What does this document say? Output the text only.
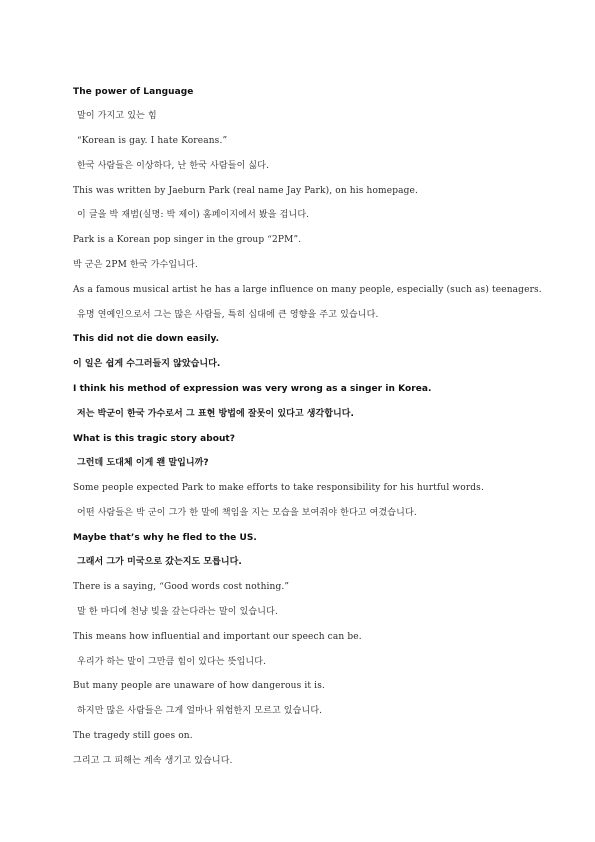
The power of Language

말이 가지고 있는 힘

“Korean is gay. I hate Koreans.”

한국 사람들은 이상하다, 난 한국 사람들이 싫다.

This was written by Jaeburn Park (real name Jay Park), on his homepage.

이 글을 박 재범(실명: 박 제이) 홈페이지에서 봤을 겁니다.

Park is a Korean pop singer in the group “2PM”.

박 군은 2PM 한국 가수입니다.

As a famous musical artist he has a large influence on many people, especially (such as) teenagers.

유명 연예인으로서 그는 많은 사람들, 특히 십대에 큰 영향을 주고 있습니다.

This did not die down easily.

이 일은 쉽게 수그러들지 않았습니다.

I think his method of expression was very wrong as a singer in Korea.

저는 박군이 한국 가수로서 그 표현 방법에 잘못이 있다고 생각합니다.

What is this tragic story about?

그런데 도대체 이게 왠 말입니까?

Some people expected Park to make efforts to take responsibility for his hurtful words.

어떤 사람들은 박 군이 그가 한 말에 책임을 지는 모습을 보여줘야 한다고 여겼습니다.

Maybe that’s why he fled to the US.

그래서 그가 미국으로 갔는지도 모릅니다.

There is a saying, “Good words cost nothing.”

말 한 마디에 천냥 빚을 갚는다라는 말이 있습니다.

This means how influential and important our speech can be.

우리가 하는 말이 그만큼 힘이 있다는 뜻입니다.

But many people are unaware of how dangerous it is.

하지만 많은 사람들은 그게 얼마나 위험한지 모르고 있습니다.

The tragedy still goes on.

그리고 그 피해는 계속 생기고 있습니다.
